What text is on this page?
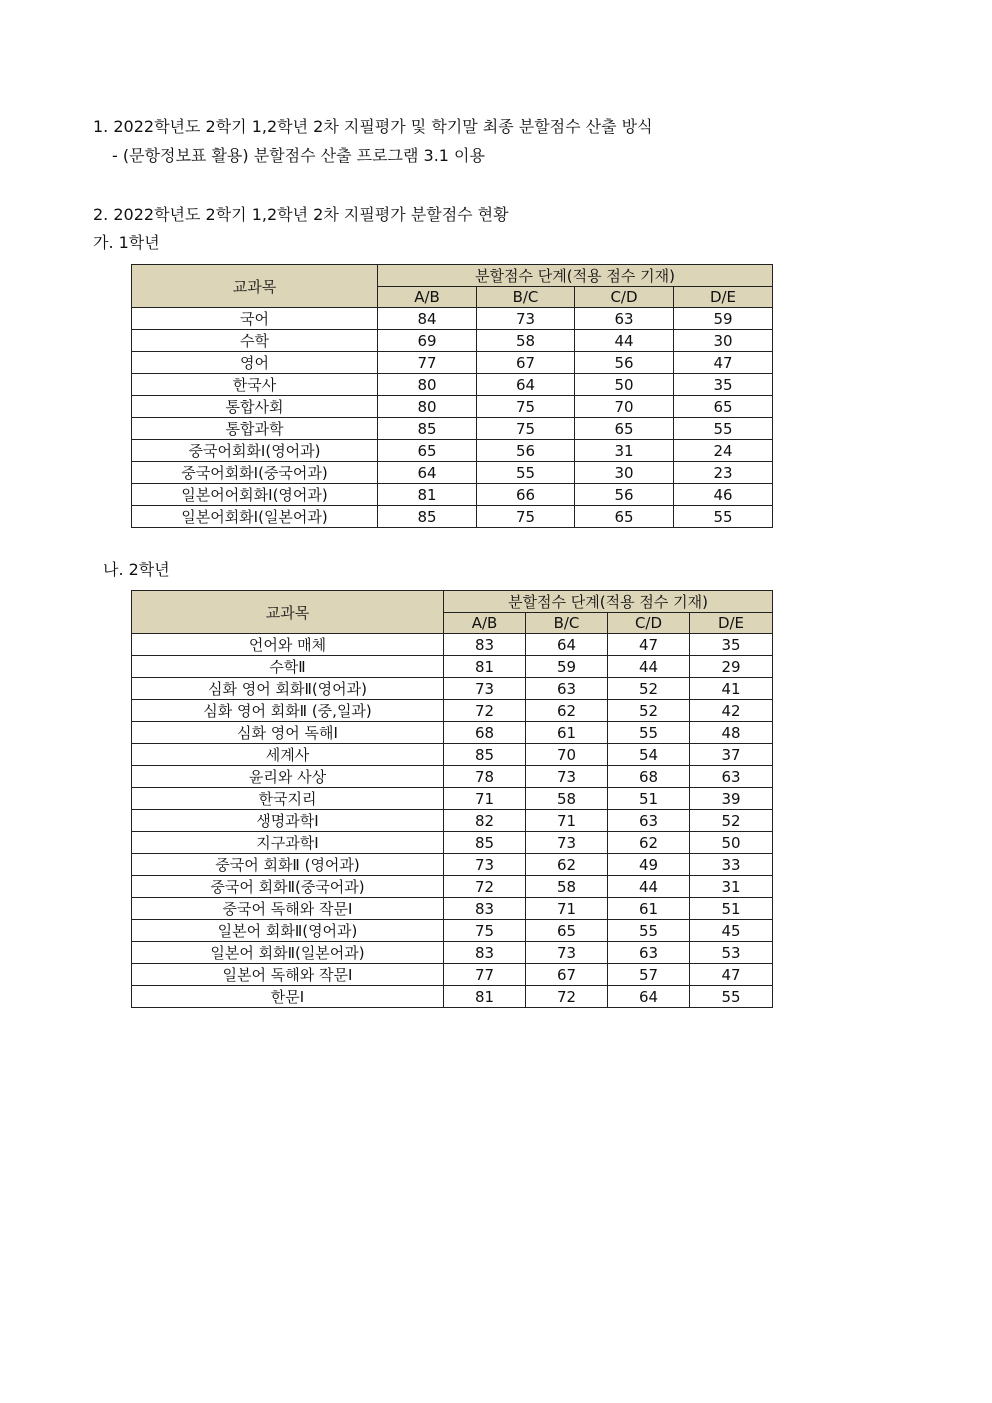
1. 2022학년도 2학기 1,2학년 2차 지필평가 및 학기말 최종 분할점수 산출 방식
- (문항정보표 활용) 분할점수 산출 프로그램 3.1 이용
2. 2022학년도 2학기 1,2학년 2차 지필평가 분할점수 현황
가. 1학년
교과목	분할점수 단계(적용 점수 기재)			
	A/B	B/C	C/D	D/E
국어	84	73	63	59
수학	69	58	44	30
영어	77	67	56	47
한국사	80	64	50	35
통합사회	80	75	70	65
통합과학	85	75	65	55
중국어회화Ⅰ(영어과)	65	56	31	24
중국어회화Ⅰ(중국어과)	64	55	30	23
일본어어회화Ⅰ(영어과)	81	66	56	46
일본어회화Ⅰ(일본어과)	85	75	65	55
나. 2학년
교과목	분할점수 단계(적용 점수 기재)			
	A/B	B/C	C/D	D/E
언어와 매체	83	64	47	35
수학Ⅱ	81	59	44	29
심화 영어 회화Ⅱ(영어과)	73	63	52	41
심화 영어 회화Ⅱ (중,일과)	72	62	52	42
심화 영어 독해Ⅰ	68	61	55	48
세계사	85	70	54	37
윤리와 사상	78	73	68	63
한국지리	71	58	51	39
생명과학Ⅰ	82	71	63	52
지구과학Ⅰ	85	73	62	50
중국어 회화Ⅱ (영어과)	73	62	49	33
중국어 회화Ⅱ(중국어과)	72	58	44	31
중국어 독해와 작문Ⅰ	83	71	61	51
일본어 회화Ⅱ(영어과)	75	65	55	45
일본어 회화Ⅱ(일본어과)	83	73	63	53
일본어 독해와 작문Ⅰ	77	67	57	47
한문Ⅰ	81	72	64	55
